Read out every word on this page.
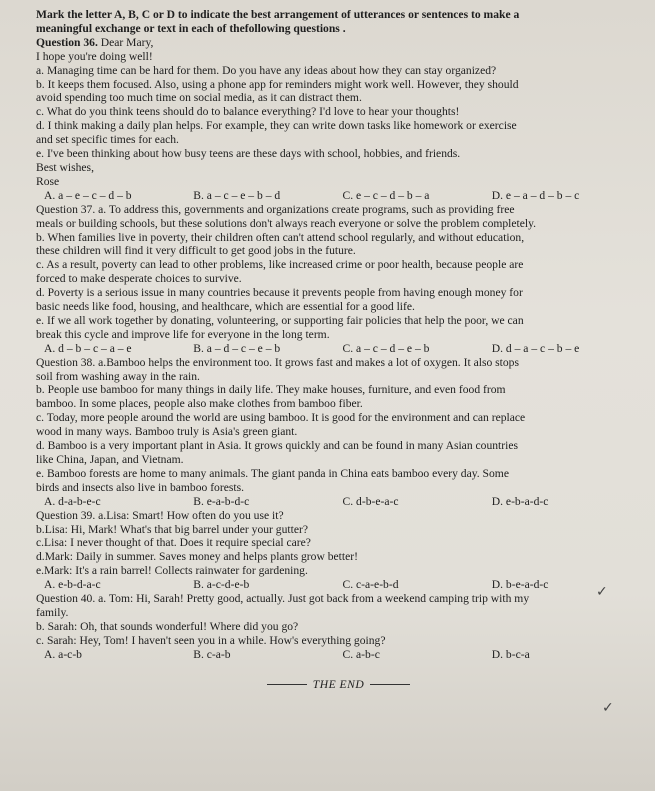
Mark the letter A, B, C or D to indicate the best arrangement of utterances or sentences to make a
meaningful exchange or text in each of thefollowing questions .
Question 36. Dear Mary,
I hope you're doing well!
a. Managing time can be hard for them. Do you have any ideas about how they can stay organized?
b. It keeps them focused. Also, using a phone app for reminders might work well. However, they should
avoid spending too much time on social media, as it can distract them.
c. What do you think teens should do to balance everything? I'd love to hear your thoughts!
d. I think making a daily plan helps. For example, they can write down tasks like homework or exercise
and set specific times for each.
e. I've been thinking about how busy teens are these days with school, hobbies, and friends.
Best wishes,
Rose
A. a – e – c – d – b	B. a – c – e – b – d	C. e – c – d – b – a	D. e – a – d – b – c
Question 37. a. To address this, governments and organizations create programs, such as providing free
meals or building schools, but these solutions don't always reach everyone or solve the problem completely.
b. When families live in poverty, their children often can't attend school regularly, and without education,
these children will find it very difficult to get good jobs in the future.
c. As a result, poverty can lead to other problems, like increased crime or poor health, because people are
forced to make desperate choices to survive.
d. Poverty is a serious issue in many countries because it prevents people from having enough money for
basic needs like food, housing, and healthcare, which are essential for a good life.
e. If we all work together by donating, volunteering, or supporting fair policies that help the poor, we can
break this cycle and improve life for everyone in the long term.
A. d – b – c – a – e	B. a – d – c – e – b	C. a – c – d – e – b	D. d – a – c – b – e
Question 38. a.Bamboo helps the environment too. It grows fast and makes a lot of oxygen. It also stops
soil from washing away in the rain.
b. People use bamboo for many things in daily life. They make houses, furniture, and even food from
bamboo. In some places, people also make clothes from bamboo fiber.
c. Today, more people around the world are using bamboo. It is good for the environment and can replace
wood in many ways. Bamboo truly is Asia's green giant.
d. Bamboo is a very important plant in Asia. It grows quickly and can be found in many Asian countries
like China, Japan, and Vietnam.
e. Bamboo forests are home to many animals. The giant panda in China eats bamboo every day. Some
birds and insects also live in bamboo forests.
A. d-a-b-e-c	B. e-a-b-d-c	C. d-b-e-a-c	D. e-b-a-d-c
Question 39. a.Lisa: Smart! How often do you use it?
b.Lisa: Hi, Mark! What's that big barrel under your gutter?
c.Lisa: I never thought of that. Does it require special care?
d.Mark: Daily in summer. Saves money and helps plants grow better!
e.Mark: It's a rain barrel! Collects rainwater for gardening.
A. e-b-d-a-c	B. a-c-d-e-b	C. c-a-e-b-d	D. b-e-a-d-c
Question 40. a. Tom: Hi, Sarah! Pretty good, actually. Just got back from a weekend camping trip with my
family.
b. Sarah: Oh, that sounds wonderful! Where did you go?
c. Sarah: Hey, Tom! I haven't seen you in a while. How's everything going?
A. a-c-b	B. c-a-b	C. a-b-c	D. b-c-a
THE END
✓
✓
